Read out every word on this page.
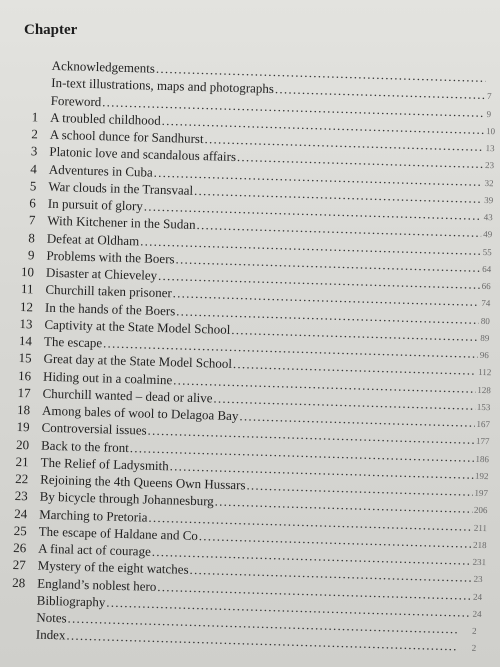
Chapter
Acknowledgements
. . .
In-text illustrations, maps and photographs
. . .
7
Foreword
. . .
9
1 A troubled childhood
. . .
10
2 A school dunce for Sandhurst
. . .
13
3 Platonic love and scandalous affairs
. . .
23
4 Adventures in Cuba
. . .
32
5 War clouds in the Transvaal
. . .
39
6 In pursuit of glory
. . .
43
7 With Kitchener in the Sudan
. . .
49
8 Defeat at Oldham
. . .
55
9 Problems with the Boers
. . .
64
10 Disaster at Chieveley
. . .
66
11 Churchill taken prisoner
. . .
74
12 In the hands of the Boers
. . .
80
13 Captivity at the State Model School
. . .
89
14 The escape
. . .
96
15 Great day at the State Model School
. . .
112
16 Hiding out in a coalmine
. . .
128
17 Churchill wanted – dead or alive
. . .
153
18 Among bales of wool to Delagoa Bay
. . .
167
19 Controversial issues
. . .
177
20 Back to the front
. . .
186
21 The Relief of Ladysmith
. . .
192
22 Rejoining the 4th Queens Own Hussars
. . .
197
23 By bicycle through Johannesburg
. . .
206
24 Marching to Pretoria
. . .
211
25 The escape of Haldane and Co
. . .
218
26 A final act of courage
. . .
231
27 Mystery of the eight watches
. . .
23
28 England’s noblest hero
. . .
24
Bibliography
. . .
24
Notes
. . .
2
Index
. . .
2
